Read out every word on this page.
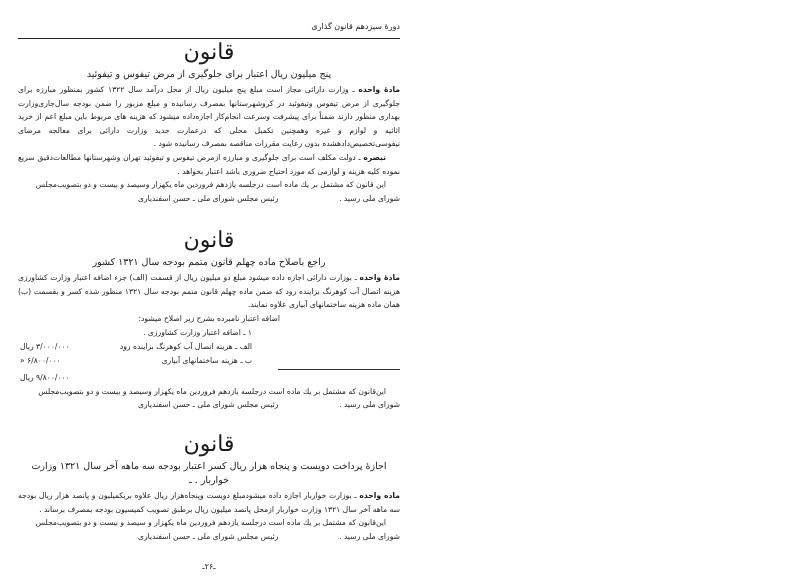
دورهٔ سیزدهم قانون گذاری
قانون
پنج میلیون ریال اعتبار برای جلوگیری از مرض تیفوس و تیفوئید

مادهٔ واحده ـ وزارت دارائی مجاز است مبلغ پنج میلیون ریال از محل درآمد سال ۱۳۲۲ کشور بمنظور مبارزه برای جلوگیری از مرض تیفوس وتیفوئید در کروشهرستانها بمصرف رسانیده و مبلغ مزبور را ضمن بودجه سال‌جاری‌وزارت بهداری منظور دارند ضمناً برای پیشرفت وسرعت انجام‌کار اجازه‌داده میشود که هزینه های مربوط باین مبلغ اعم از خرید اثاثیه و لوازم و غیره وهمچنین تکمیل محلی که درعمارت جدید وزارت دارائی برای معالجه مرضای تیفوسی‌تخصیص‌دادهشده بدون رعایت مقررات مناقصه بمصرف رسانیده شود .

تبصره ـ دولت مکلف است برای جلوگیری و مبارزه ازمرض تیفوس و تیفوئید تهران وشهرستانها مطالعات‌دقیق سریع نموده کلیه هزینه و لوازمی که مورد احتیاج ضروری باشد اعتبار بخواهد .

این قانون که مشتمل بر یك ماده است درجلسه یازدهم فروردین ماه یکهزار وسیصد و بیست و دو بتصویب‌مجلس

شورای ملی رسید .
رئیس مجلس شورای ملی ـ حسن اسفندیاری
قانون
راجع باصلاح ماده چهلم قانون متمم بودجه سال ۱۳۲۱ کشور

مادهٔ واحده ـ بوزارت دارائی اجازه داده میشود مبلغ دو میلیون ریال از قسمت (الف) جزء اضافه اعتبار وزارت کشاورزی هزینه اتصال آب کوهرنگ بزاینده رود که ضمن ماده چهلم قانون متمم بودجه سال ۱۳۲۱ منظور شده کسر و بقسمت (ب) همان ماده هزینه ساختمانهای آبیاری علاوه نمایند.

اضافه اعتبار نامبرده بشرح زیر اصلاح میشود:
۱ ـ اضافه اعتبار وزارت کشاورزی .
الف ـ هزینه اتصال آب کوهرنگ بزاینده رود
۳/۰۰۰/۰۰۰ ریال
ب ـ هزینه ساختمانهای آبیاری
۶/۸۰۰/۰۰۰ «
۹/۸۰۰/۰۰۰ ریال

این‌قانون که مشتمل بر یك ماده است درجلسه یازدهم فروردین ماه یکهزار وسیصد و بیست و دو بتصویب‌مجلس

شورای ملی رسید .
رئیس مجلس شورای ملی ـ حسن اسفندیاری
قانون
اجازهٔ پرداخت دویست و پنجاه هزار ریال کسر اعتبار بودجه سه ماهه آخر سال ۱۳۲۱ وزارت خواربار . ـ

ماده واحده ـ بوزارت خواربار اجازه داده میشودمبلغ دویست وپنجاه‌هزار ریال علاوه بریکمیلیون و پانصد هزار ریال بودجه سه ماهه آخر سال ۱۳۲۱ وزارت خواربار ازمحل پانصد میلیون ریال برطبق تصویب کمیسیون بودجه بمصرف برساند .

این‌قانون که مشتمل بر یك ماده است درجلسه یازدهم فروردین ماه یکهزار و سیصد و بیست و دو بتصویب‌مجلس

شورای ملی رسید .
رئیس مجلس شورای ملی ـ حسن اسفندیاری
ـ۲۶ـ
